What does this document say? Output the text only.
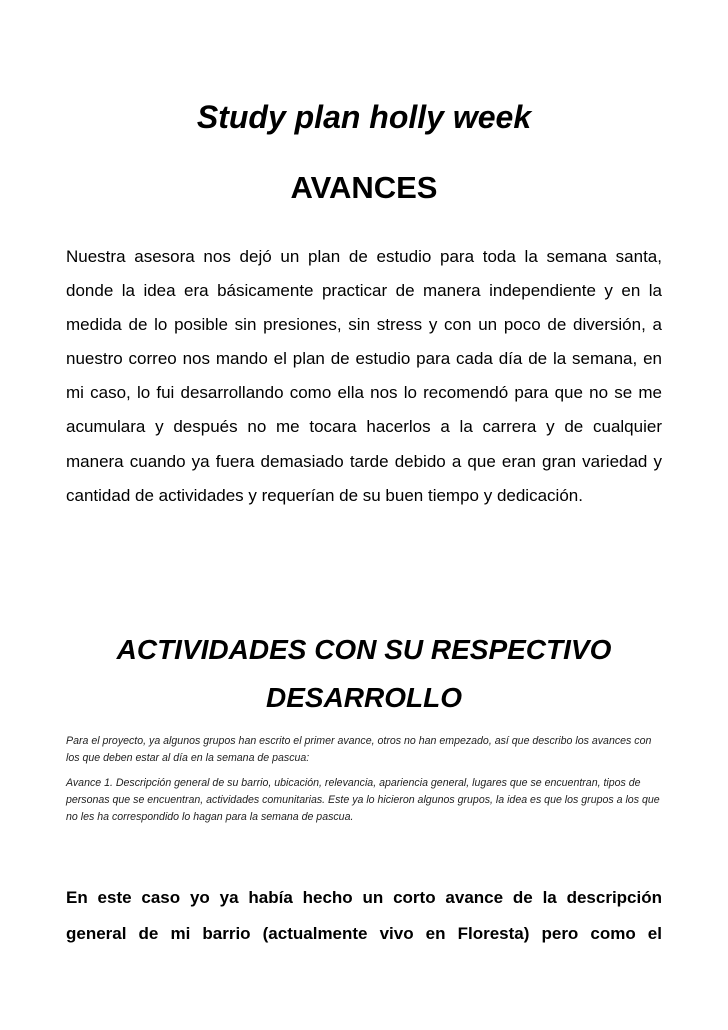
Study plan holly week
AVANCES

Nuestra asesora nos dejó un plan de estudio para toda la semana santa, donde la idea era básicamente practicar de manera independiente y en la medida de lo posible sin presiones, sin stress y con un poco de diversión, a nuestro correo nos mando el plan de estudio para cada día de la semana, en mi caso, lo fui desarrollando como ella nos lo recomendó para que no se me acumulara y después no me tocara hacerlos a la carrera y de cualquier manera cuando ya fuera demasiado tarde debido a que eran gran variedad y cantidad de actividades y requerían de su buen tiempo y dedicación.

ACTIVIDADES CON SU RESPECTIVO DESARROLLO

Para el proyecto, ya algunos grupos han escrito el primer avance, otros no han empezado, así que describo los avances con los que deben estar al día en la semana de pascua:

Avance 1. Descripción general de su barrio, ubicación, relevancia, apariencia general, lugares que se encuentran, tipos de personas que se encuentran, actividades comunitarias. Este ya lo hicieron algunos grupos, la idea es que los grupos a los que no les ha correspondido lo hagan para la semana de pascua.

En este caso yo ya había hecho un corto avance de la descripción general de mi barrio (actualmente vivo en Floresta) pero como el
